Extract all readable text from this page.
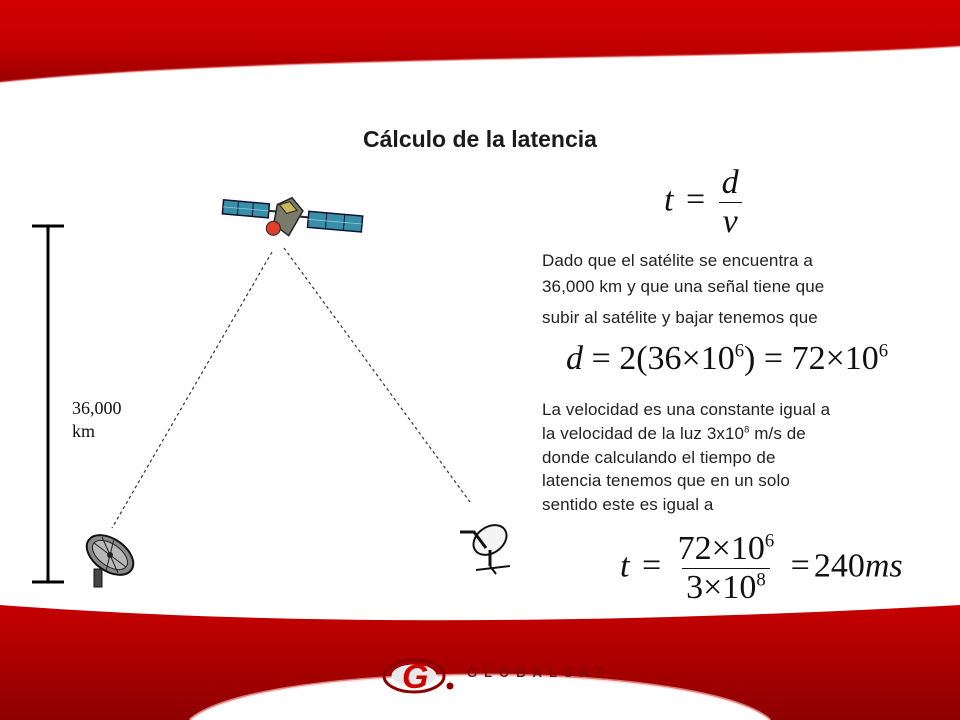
Cálculo de la latencia
36,000
km
$t = \frac{d}{v}$
Dado que el satélite se encuentra a
36,000 km y que una señal tiene que
subir al satélite y bajar tenemos que
$d = 2(36\times 10^6) = 72\times 10^6$
La velocidad es una constante igual a
la velocidad de la luz $3x10^8$ m/s de
donde calculando el tiempo de
latencia tenemos que en un solo
sentido este es igual a
$t = \frac{72\times 10^6}{3\times 10^8} = 240ms$
G	GLOBALSAT
